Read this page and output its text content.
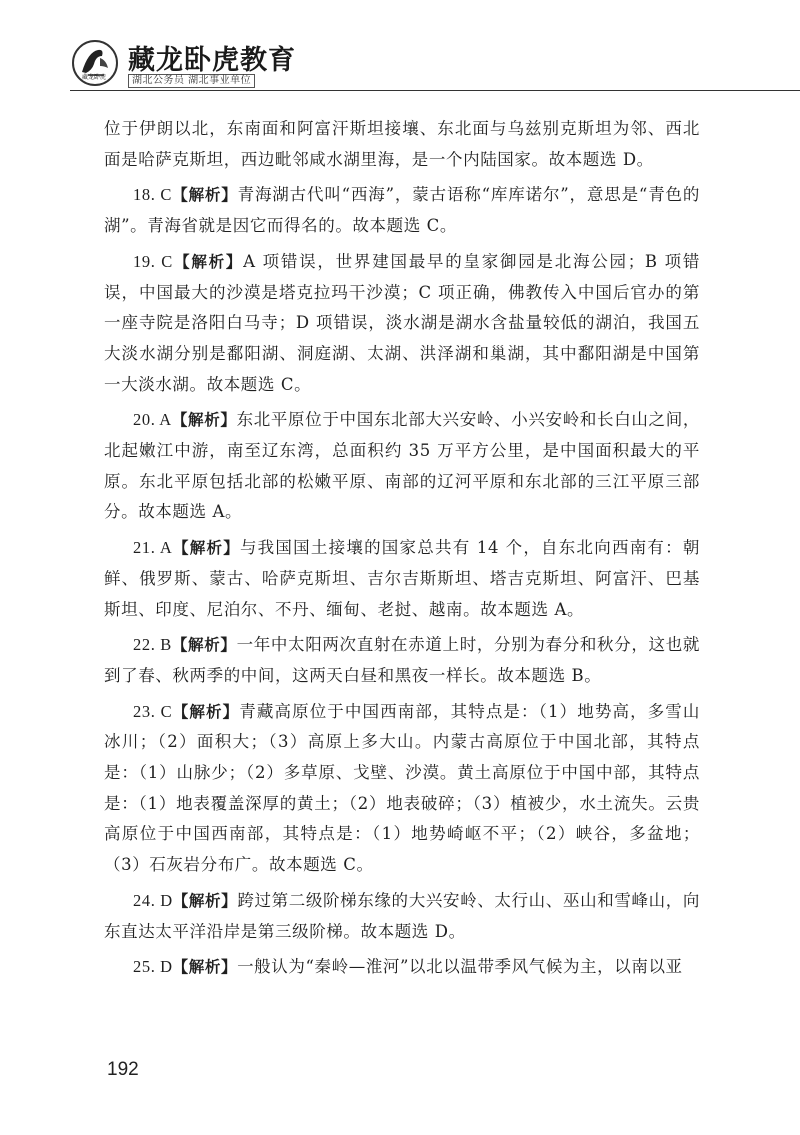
藏龙卧虎
藏龙卧虎教育
湖北公务员 湖北事业单位

位于伊朗以北，东南面和阿富汗斯坦接壤、东北面与乌兹别克斯坦为邻、西北面是哈萨克斯坦，西边毗邻咸水湖里海，是一个内陆国家。故本题选 D。

18. C【解析】青海湖古代叫“西海”，蒙古语称“库库诺尔”，意思是“青色的湖”。青海省就是因它而得名的。故本题选 C。

19. C【解析】A 项错误，世界建国最早的皇家御园是北海公园；B 项错误，中国最大的沙漠是塔克拉玛干沙漠；C 项正确，佛教传入中国后官办的第一座寺院是洛阳白马寺；D 项错误，淡水湖是湖水含盐量较低的湖泊，我国五大淡水湖分别是鄱阳湖、洞庭湖、太湖、洪泽湖和巢湖，其中鄱阳湖是中国第一大淡水湖。故本题选 C。

20. A【解析】东北平原位于中国东北部大兴安岭、小兴安岭和长白山之间，北起嫩江中游，南至辽东湾，总面积约 35 万平方公里，是中国面积最大的平原。东北平原包括北部的松嫩平原、南部的辽河平原和东北部的三江平原三部分。故本题选 A。

21. A【解析】与我国国土接壤的国家总共有 14 个，自东北向西南有：朝鲜、俄罗斯、蒙古、哈萨克斯坦、吉尔吉斯斯坦、塔吉克斯坦、阿富汗、巴基斯坦、印度、尼泊尔、不丹、缅甸、老挝、越南。故本题选 A。

22. B【解析】一年中太阳两次直射在赤道上时，分别为春分和秋分，这也就到了春、秋两季的中间，这两天白昼和黑夜一样长。故本题选 B。

23. C【解析】青藏高原位于中国西南部，其特点是：（1）地势高，多雪山冰川；（2）面积大；（3）高原上多大山。内蒙古高原位于中国北部，其特点是：（1）山脉少；（2）多草原、戈壁、沙漠。黄土高原位于中国中部，其特点是：（1）地表覆盖深厚的黄土；（2）地表破碎；（3）植被少，水土流失。云贵高原位于中国西南部，其特点是：（1）地势崎岖不平；（2）峡谷，多盆地；（3）石灰岩分布广。故本题选 C。

24. D【解析】跨过第二级阶梯东缘的大兴安岭、太行山、巫山和雪峰山，向东直达太平洋沿岸是第三级阶梯。故本题选 D。

25. D【解析】一般认为“秦岭—淮河”以北以温带季风气候为主，以南以亚

192
